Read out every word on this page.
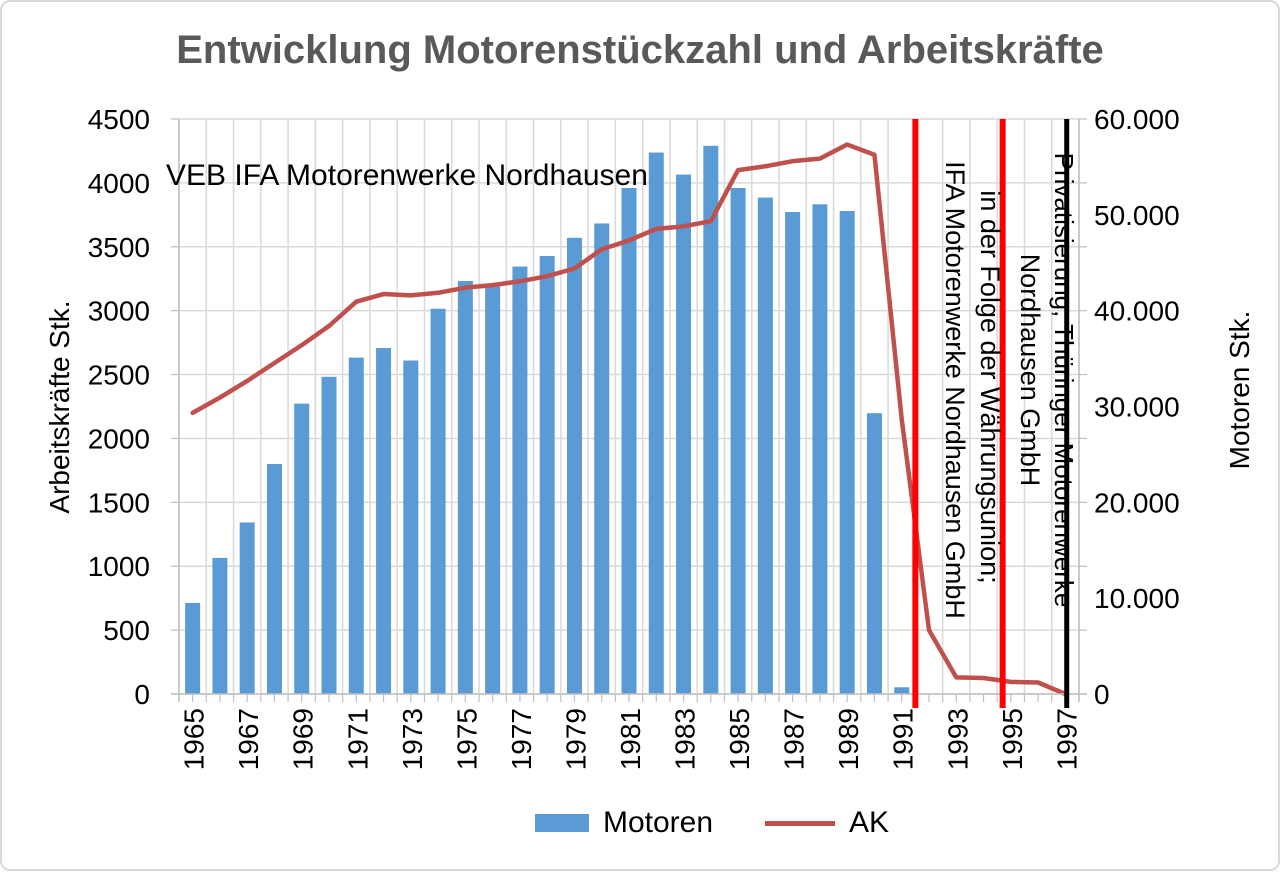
Entwicklung Motorenstückzahl und Arbeitskräfte
Arbeitskräfte Stk.	Motoren Stk.
0
500
1000
1500
2000
2500
3000
3500
4000
4500
0
10.000
20.000
30.000
40.000
50.000
60.000
1965 1967 1969 1971 1973 1975 1977 1979 1981 1983 1985 1987 1989 1991 1993 1995 1997
VEB IFA Motorenwerke Nordhausen	IFA Motorenwerke Nordhausen GmbH in der Folge der Währungsunion; Nordhausen GmbH Privatisierung; Thüringer Motorenwerke
Motoren	AK
